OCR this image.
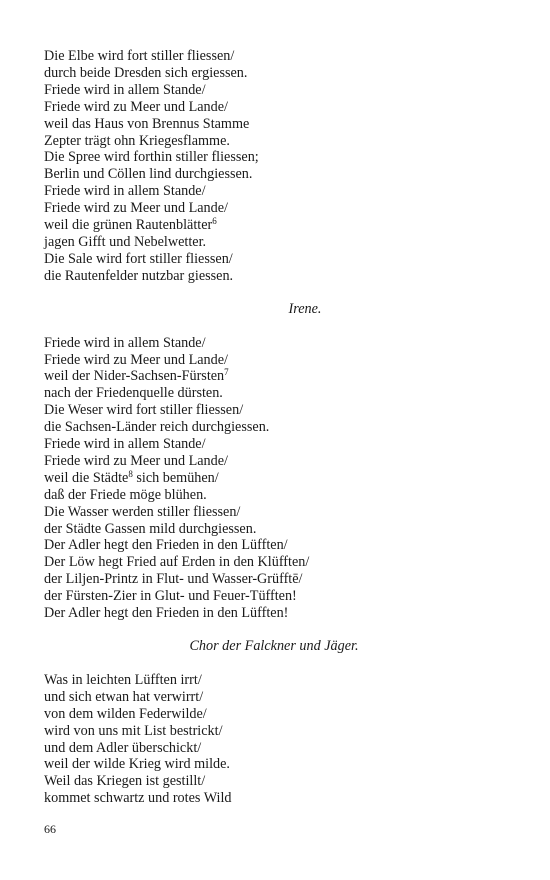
Die Elbe wird fort stiller fliessen/
durch beide Dresden sich ergiessen.
Friede wird in allem Stande/
Friede wird zu Meer und Lande/
weil das Haus von Brennus Stamme
Zepter trägt ohn Kriegesflamme.
Die Spree wird forthin stiller fliessen;
Berlin und Cöllen lind durchgiessen.
Friede wird in allem Stande/
Friede wird zu Meer und Lande/
weil die grünen Rautenblätter$^6$
jagen Gifft und Nebelwetter.
Die Sale wird fort stiller fliessen/
die Rautenfelder nutzbar giessen.
Irene.
Friede wird in allem Stande/
Friede wird zu Meer und Lande/
weil der Nider-Sachsen-Fürsten$^7$
nach der Friedenquelle dürsten.
Die Weser wird fort stiller fliessen/
die Sachsen-Länder reich durchgiessen.
Friede wird in allem Stande/
Friede wird zu Meer und Lande/
weil die Städte$^8$ sich bemühen/
daß der Friede möge blühen.
Die Wasser werden stiller fliessen/
der Städte Gassen mild durchgiessen.
Der Adler hegt den Frieden in den Lüfften/
Der Löw hegt Fried auf Erden in den Klüfften/
der Liljen-Printz in Flut- und Wasser-Grüfftē/
der Fürsten-Zier in Glut- und Feuer-Tüfften!
Der Adler hegt den Frieden in den Lüfften!
Chor der Falckner und Jäger.
Was in leichten Lüfften irrt/
und sich etwan hat verwirrt/
von dem wilden Federwilde/
wird von uns mit List bestrickt/
und dem Adler überschickt/
weil der wilde Krieg wird milde.
Weil das Kriegen ist gestillt/
kommet schwartz und rotes Wild
66
